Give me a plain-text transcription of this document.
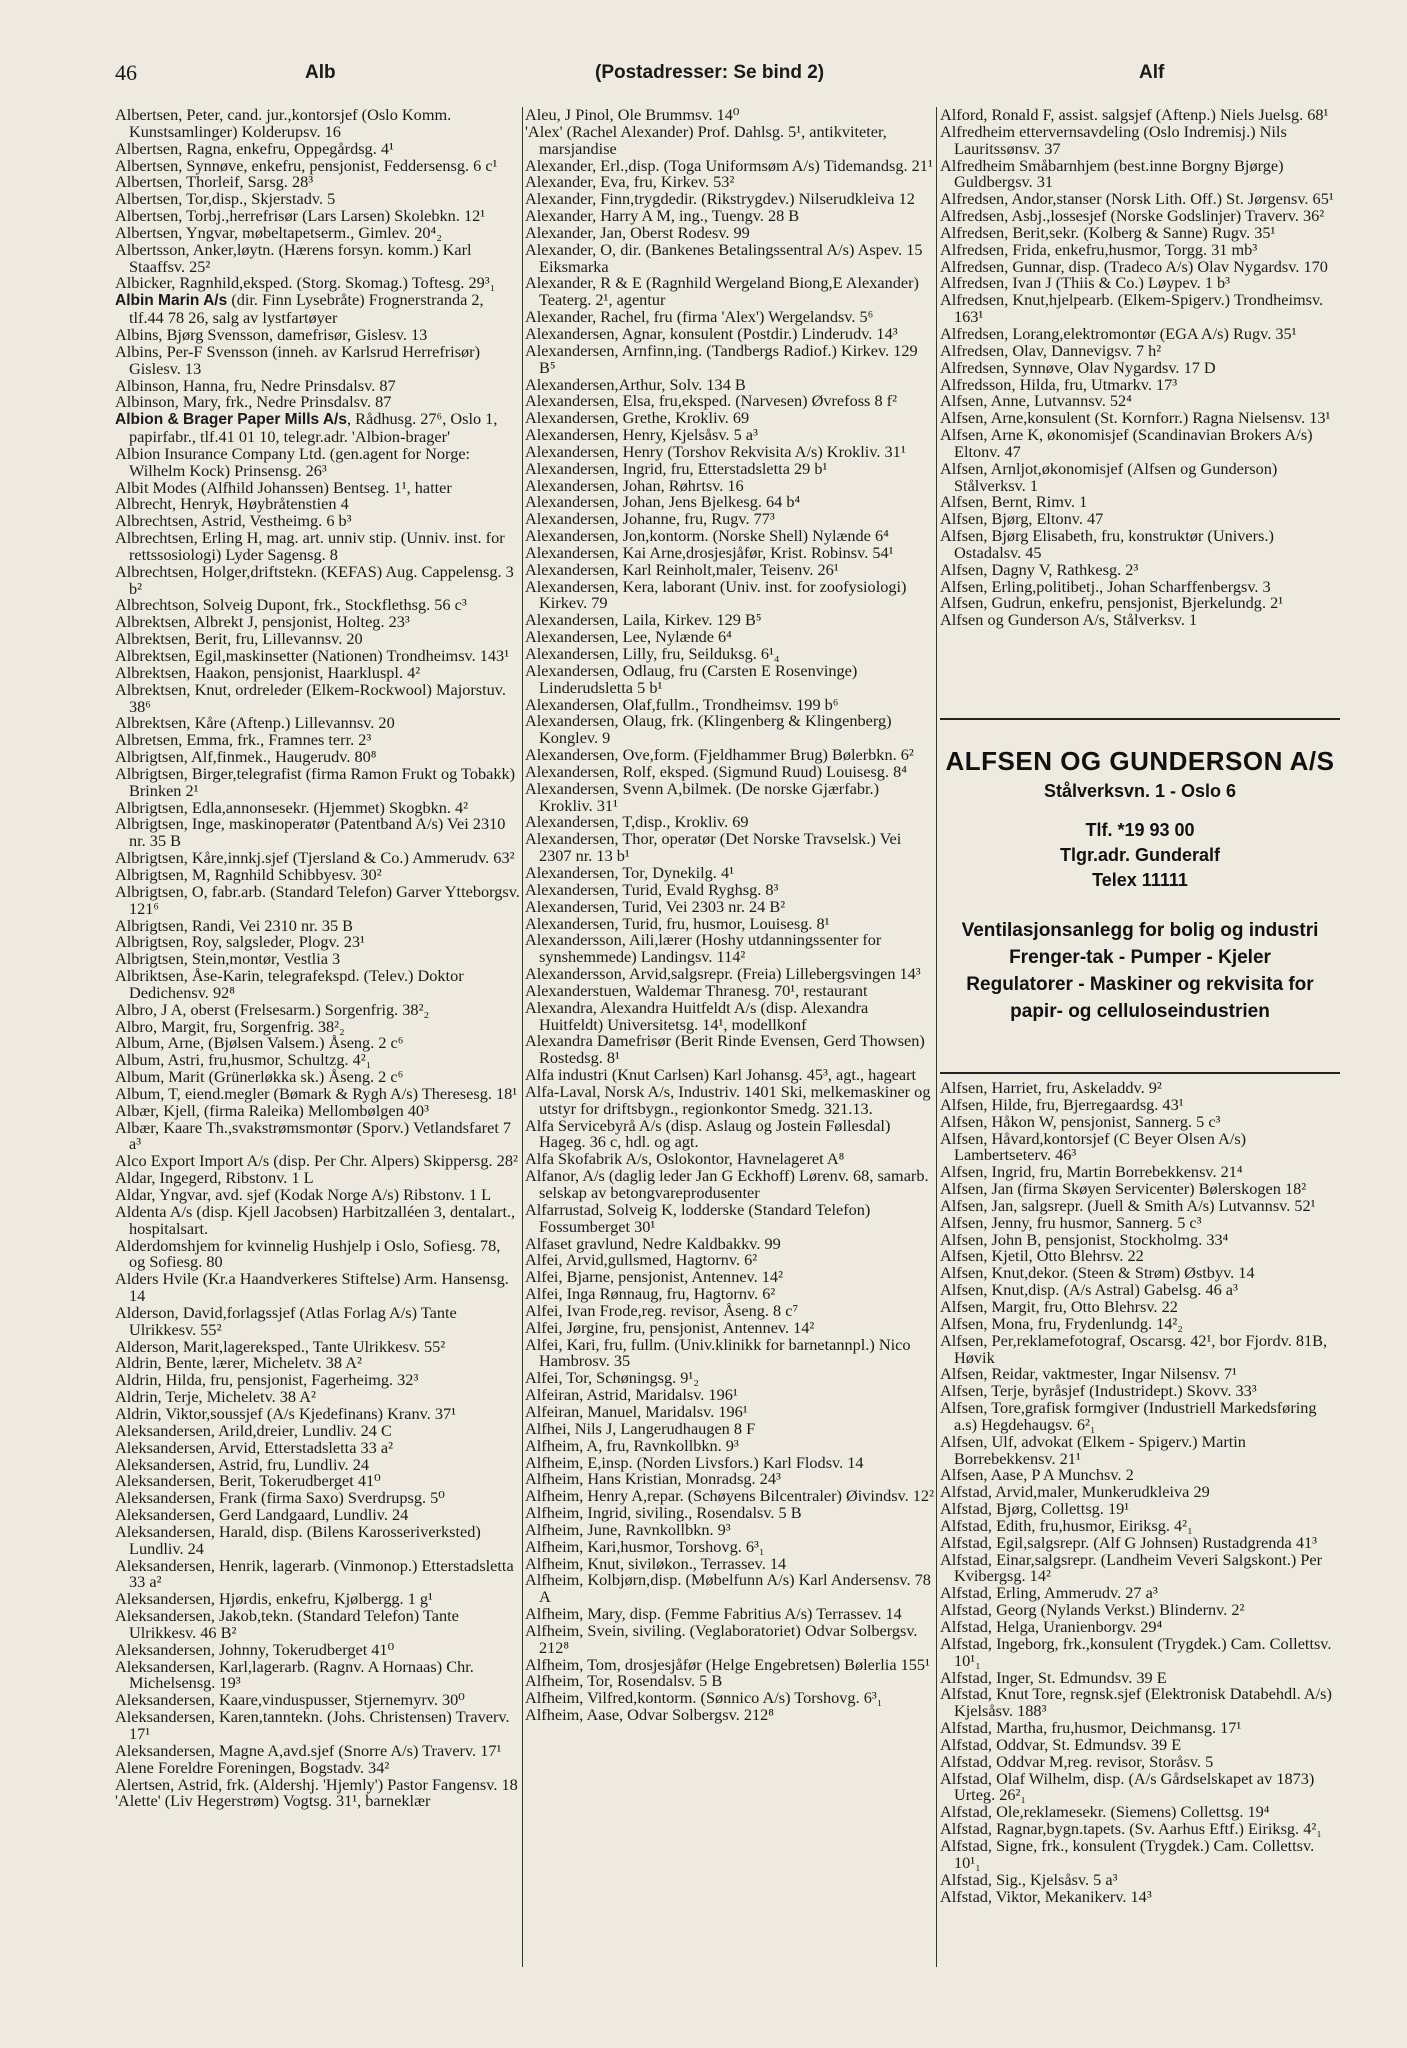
46	Alb	(Postadresser: Se bind 2)	Alf
Albertsen, Peter, cand. jur.,kontorsjef (Oslo Komm. Kunstsamlinger) Kolderupsv. 16
Albertsen, Ragna, enkefru, Oppegårdsg. 4¹
Albertsen, Synnøve, enkefru, pensjonist, Feddersensg. 6 c¹
Albertsen, Thorleif, Sarsg. 28³
Albertsen, Tor,disp., Skjerstadv. 5
Albertsen, Torbj.,herrefrisør (Lars Larsen) Skolebkn. 12¹
Albertsen, Yngvar, møbeltapetserm., Gimlev. 20⁴₂
Albertsson, Anker,løytn. (Hærens forsyn. komm.) Karl Staaffsv. 25²
Albicker, Ragnhild,eksped. (Storg. Skomag.) Toftesg. 29³₁
Albin Marin A/s (dir. Finn Lysebråte) Frognerstranda 2, tlf.44 78 26, salg av lystfartøyer
Albins, Bjørg Svensson, damefrisør, Gislesv. 13
Albins, Per-F Svensson (inneh. av Karlsrud Herrefrisør) Gislesv. 13
Albinson, Hanna, fru, Nedre Prinsdalsv. 87
Albinson, Mary, frk., Nedre Prinsdalsv. 87
Albion & Brager Paper Mills A/s, Rådhusg. 27⁶, Oslo 1, papirfabr., tlf.41 01 10, telegr.adr. 'Albion-brager'
Albion Insurance Company Ltd. (gen.agent for Norge: Wilhelm Kock) Prinsensg. 26³
Albit Modes (Alfhild Johanssen) Bentseg. 1¹, hatter
Albrecht, Henryk, Høybråtenstien 4
Albrechtsen, Astrid, Vestheimg. 6 b³
Albrechtsen, Erling H, mag. art. unniv stip. (Unniv. inst. for rettssosiologi) Lyder Sagensg. 8
Albrechtsen, Holger,driftstekn. (KEFAS) Aug. Cappelensg. 3 b²
Albrechtson, Solveig Dupont, frk., Stockflethsg. 56 c³
Albrektsen, Albrekt J, pensjonist, Holteg. 23³
Albrektsen, Berit, fru, Lillevannsv. 20
Albrektsen, Egil,maskinsetter (Nationen) Trondheimsv. 143¹
Albrektsen, Haakon, pensjonist, Haarkluspl. 4²
Albrektsen, Knut, ordreleder (Elkem-Rockwool) Majorstuv. 38⁶
Albrektsen, Kåre (Aftenp.) Lillevannsv. 20
Albretsen, Emma, frk., Framnes terr. 2³
Albrigtsen, Alf,finmek., Haugerudv. 80⁸
Albrigtsen, Birger,telegrafist (firma Ramon Frukt og Tobakk) Brinken 2¹
Albrigtsen, Edla,annonsesekr. (Hjemmet) Skogbkn. 4²
Albrigtsen, Inge, maskinoperatør (Patentband A/s) Vei 2310 nr. 35 B
Albrigtsen, Kåre,innkj.sjef (Tjersland & Co.) Ammerudv. 63²
Albrigtsen, M, Ragnhild Schibbyesv. 30²
Albrigtsen, O, fabr.arb. (Standard Telefon) Garver Ytteborgsv. 121⁶
Albrigtsen, Randi, Vei 2310 nr. 35 B
Albrigtsen, Roy, salgsleder, Plogv. 23¹
Albrigtsen, Stein,montør, Vestlia 3
Albriktsen, Åse-Karin, telegrafekspd. (Telev.) Doktor Dedichensv. 92⁸
Albro, J A, oberst (Frelsesarm.) Sorgenfrig. 38²₂
Albro, Margit, fru, Sorgenfrig. 38²₂
Album, Arne, (Bjølsen Valsem.) Åseng. 2 c⁶
Album, Astri, fru,husmor, Schultzg. 4²₁
Album, Marit (Grünerløkka sk.) Åseng. 2 c⁶
Album, T, eiend.megler (Bømark & Rygh A/s) Theresesg. 18¹
Albær, Kjell, (firma Raleika) Mellombølgen 40³
Albær, Kaare Th.,svakstrømsmontør (Sporv.) Vetlandsfaret 7 a³
Alco Export Import A/s (disp. Per Chr. Alpers) Skippersg. 28²
Aldar, Ingegerd, Ribstonv. 1 L
Aldar, Yngvar, avd. sjef (Kodak Norge A/s) Ribstonv. 1 L
Aldenta A/s (disp. Kjell Jacobsen) Harbitzalléen 3, dentalart., hospitalsart.
Alderdomshjem for kvinnelig Hushjelp i Oslo, Sofiesg. 78, og Sofiesg. 80
Alders Hvile (Kr.a Haandverkeres Stiftelse) Arm. Hansensg. 14
Alderson, David,forlagssjef (Atlas Forlag A/s) Tante Ulrikkesv. 55²
Alderson, Marit,lagereksped., Tante Ulrikkesv. 55²
Aldrin, Bente, lærer, Micheletv. 38 A²
Aldrin, Hilda, fru, pensjonist, Fagerheimg. 32³
Aldrin, Terje, Micheletv. 38 A²
Aldrin, Viktor,soussjef (A/s Kjedefinans) Kranv. 37¹
Aleksandersen, Arild,dreier, Lundliv. 24 C
Aleksandersen, Arvid, Etterstadsletta 33 a²
Aleksandersen, Astrid, fru, Lundliv. 24
Aleksandersen, Berit, Tokerudberget 41⁰
Aleksandersen, Frank (firma Saxo) Sverdrupsg. 5⁰
Aleksandersen, Gerd Landgaard, Lundliv. 24
Aleksandersen, Harald, disp. (Bilens Karosseriverksted) Lundliv. 24
Aleksandersen, Henrik, lagerarb. (Vinmonop.) Etterstadsletta 33 a²
Aleksandersen, Hjørdis, enkefru, Kjølbergg. 1 g¹
Aleksandersen, Jakob,tekn. (Standard Telefon) Tante Ulrikkesv. 46 B²
Aleksandersen, Johnny, Tokerudberget 41⁰
Aleksandersen, Karl,lagerarb. (Ragnv. A Hornaas) Chr. Michelsensg. 19³
Aleksandersen, Kaare,vinduspusser, Stjernemyrv. 30⁰
Aleksandersen, Karen,tanntekn. (Johs. Christensen) Traverv. 17¹
Aleksandersen, Magne A,avd.sjef (Snorre A/s) Traverv. 17¹
Alene Foreldre Foreningen, Bogstadv. 34²
Alertsen, Astrid, frk. (Aldershj. 'Hjemly') Pastor Fangensv. 18
'Alette' (Liv Hegerstrøm) Vogtsg. 31¹, barneklær
Aleu, J Pinol, Ole Brummsv. 14⁰
'Alex' (Rachel Alexander) Prof. Dahlsg. 5¹, antikviteter, marsjandise
Alexander, Erl.,disp. (Toga Uniformsøm A/s) Tidemandsg. 21¹
Alexander, Eva, fru, Kirkev. 53²
Alexander, Finn,trygdedir. (Rikstrygdev.) Nilserudkleiva 12
Alexander, Harry A M, ing., Tuengv. 28 B
Alexander, Jan, Oberst Rodesv. 99
Alexander, O, dir. (Bankenes Betalingssentral A/s) Aspev. 15 Eiksmarka
Alexander, R & E (Ragnhild Wergeland Biong,E Alexander) Teaterg. 2¹, agentur
Alexander, Rachel, fru (firma 'Alex') Wergelandsv. 5⁶
Alexandersen, Agnar, konsulent (Postdir.) Linderudv. 14³
Alexandersen, Arnfinn,ing. (Tandbergs Radiof.) Kirkev. 129 B⁵
Alexandersen,Arthur, Solv. 134 B
Alexandersen, Elsa, fru,eksped. (Narvesen) Øvrefoss 8 f²
Alexandersen, Grethe, Krokliv. 69
Alexandersen, Henry, Kjelsåsv. 5 a³
Alexandersen, Henry (Torshov Rekvisita A/s) Krokliv. 31¹
Alexandersen, Ingrid, fru, Etterstadsletta 29 b¹
Alexandersen, Johan, Røhrtsv. 16
Alexandersen, Johan, Jens Bjelkesg. 64 b⁴
Alexandersen, Johanne, fru, Rugv. 77³
Alexandersen, Jon,kontorm. (Norske Shell) Nylænde 6⁴
Alexandersen, Kai Arne,drosjesjåfør, Krist. Robinsv. 54¹
Alexandersen, Karl Reinholt,maler, Teisenv. 26¹
Alexandersen, Kera, laborant (Univ. inst. for zoofysiologi) Kirkev. 79
Alexandersen, Laila, Kirkev. 129 B⁵
Alexandersen, Lee, Nylænde 6⁴
Alexandersen, Lilly, fru, Seilduksg. 6¹₄
Alexandersen, Odlaug, fru (Carsten E Rosenvinge) Linderudsletta 5 b¹
Alexandersen, Olaf,fullm., Trondheimsv. 199 b⁶
Alexandersen, Olaug, frk. (Klingenberg & Klingenberg) Konglev. 9
Alexandersen, Ove,form. (Fjeldhammer Brug) Bølerbkn. 6²
Alexandersen, Rolf, eksped. (Sigmund Ruud) Louisesg. 8⁴
Alexandersen, Svenn A,bilmek. (De norske Gjærfabr.) Krokliv. 31¹
Alexandersen, T,disp., Krokliv. 69
Alexandersen, Thor, operatør (Det Norske Travselsk.) Vei 2307 nr. 13 b¹
Alexandersen, Tor, Dynekilg. 4¹
Alexandersen, Turid, Evald Ryghsg. 8³
Alexandersen, Turid, Vei 2303 nr. 24 B²
Alexandersen, Turid, fru, husmor, Louisesg. 8¹
Alexandersson, Aili,lærer (Hoshy utdanningssenter for synshemmede) Landingsv. 114²
Alexandersson, Arvid,salgsrepr. (Freia) Lillebergsvingen 14³
Alexanderstuen, Waldemar Thranesg. 70¹, restaurant
Alexandra, Alexandra Huitfeldt A/s (disp. Alexandra Huitfeldt) Universitetsg. 14¹, modellkonf
Alexandra Damefrisør (Berit Rinde Evensen, Gerd Thowsen) Rostedsg. 8¹
Alfa industri (Knut Carlsen) Karl Johansg. 45³, agt., hageart
Alfa-Laval, Norsk A/s, Industriv. 1401 Ski, melkemaskiner og utstyr for driftsbygn., regionkontor Smedg. 321.13.
Alfa Servicebyrå A/s (disp. Aslaug og Jostein Føllesdal) Hageg. 36 c, hdl. og agt.
Alfa Skofabrik A/s, Oslokontor, Havnelageret A⁸
Alfanor, A/s (daglig leder Jan G Eckhoff) Lørenv. 68, samarb. selskap av betongvareprodusenter
Alfarrustad, Solveig K, lodderske (Standard Telefon) Fossumberget 30¹
Alfaset gravlund, Nedre Kaldbakkv. 99
Alfei, Arvid,gullsmed, Hagtornv. 6²
Alfei, Bjarne, pensjonist, Antennev. 14²
Alfei, Inga Rønnaug, fru, Hagtornv. 6²
Alfei, Ivan Frode,reg. revisor, Åseng. 8 c⁷
Alfei, Jørgine, fru, pensjonist, Antennev. 14²
Alfei, Kari, fru, fullm. (Univ.klinikk for barnetannpl.) Nico Hambrosv. 35
Alfei, Tor, Schøningsg. 9¹₂
Alfeiran, Astrid, Maridalsv. 196¹
Alfeiran, Manuel, Maridalsv. 196¹
Alfhei, Nils J, Langerudhaugen 8 F
Alfheim, A, fru, Ravnkollbkn. 9³
Alfheim, E,insp. (Norden Livsfors.) Karl Flodsv. 14
Alfheim, Hans Kristian, Monradsg. 24³
Alfheim, Henry A,repar. (Schøyens Bilcentraler) Øivindsv. 12²
Alfheim, Ingrid, siviling., Rosendalsv. 5 B
Alfheim, June, Ravnkollbkn. 9³
Alfheim, Kari,husmor, Torshovg. 6³₁
Alfheim, Knut, siviløkon., Terrassev. 14
Alfheim, Kolbjørn,disp. (Møbelfunn A/s) Karl Andersensv. 78 A
Alfheim, Mary, disp. (Femme Fabritius A/s) Terrassev. 14
Alfheim, Svein, siviling. (Veglaboratoriet) Odvar Solbergsv. 212⁸
Alfheim, Tom, drosjesjåfør (Helge Engebretsen) Bølerlia 155¹
Alfheim, Tor, Rosendalsv. 5 B
Alfheim, Vilfred,kontorm. (Sønnico A/s) Torshovg. 6³₁
Alfheim, Aase, Odvar Solbergsv. 212⁸
Alford, Ronald F, assist. salgsjef (Aftenp.) Niels Juelsg. 68¹
Alfredheim ettervernsavdeling (Oslo Indremisj.) Nils Lauritssønsv. 37
Alfredheim Småbarnhjem (best.inne Borgny Bjørge) Guldbergsv. 31
Alfredsen, Andor,stanser (Norsk Lith. Off.) St. Jørgensv. 65¹
Alfredsen, Asbj.,lossesjef (Norske Godslinjer) Traverv. 36²
Alfredsen, Berit,sekr. (Kolberg & Sanne) Rugv. 35¹
Alfredsen, Frida, enkefru,husmor, Torgg. 31 mb³
Alfredsen, Gunnar, disp. (Tradeco A/s) Olav Nygardsv. 170
Alfredsen, Ivan J (Thiis & Co.) Løypev. 1 b³
Alfredsen, Knut,hjelpearb. (Elkem-Spigerv.) Trondheimsv. 163¹
Alfredsen, Lorang,elektromontør (EGA A/s) Rugv. 35¹
Alfredsen, Olav, Dannevigsv. 7 h²
Alfredsen, Synnøve, Olav Nygardsv. 17 D
Alfredsson, Hilda, fru, Utmarkv. 17³
Alfsen, Anne, Lutvannsv. 52⁴
Alfsen, Arne,konsulent (St. Kornforr.) Ragna Nielsensv. 13¹
Alfsen, Arne K, økonomisjef (Scandinavian Brokers A/s) Eltonv. 47
Alfsen, Arnljot,økonomisjef (Alfsen og Gunderson) Stålverksv. 1
Alfsen, Bernt, Rimv. 1
Alfsen, Bjørg, Eltonv. 47
Alfsen, Bjørg Elisabeth, fru, konstruktør (Univers.) Ostadalsv. 45
Alfsen, Dagny V, Rathkesg. 2³
Alfsen, Erling,politibetj., Johan Scharffenbergsv. 3
Alfsen, Gudrun, enkefru, pensjonist, Bjerkelundg. 2¹
Alfsen og Gunderson A/s, Stålverksv. 1
ALFSEN OG GUNDERSON A/S
Stålverksvn. 1 - Oslo 6
Tlf. *19 93 00
Tlgr.adr. Gunderalf
Telex 11111
Ventilasjonsanlegg for bolig og industri Frenger-tak - Pumper - Kjeler Regulatorer - Maskiner og rekvisita for papir- og celluloseindustrien
Alfsen, Harriet, fru, Askeladdv. 9²
Alfsen, Hilde, fru, Bjerregaardsg. 43¹
Alfsen, Håkon W, pensjonist, Sannerg. 5 c³
Alfsen, Håvard,kontorsjef (C Beyer Olsen A/s) Lambertseterv. 46³
Alfsen, Ingrid, fru, Martin Borrebekkensv. 21⁴
Alfsen, Jan (firma Skøyen Servicenter) Bølerskogen 18²
Alfsen, Jan, salgsrepr. (Juell & Smith A/s) Lutvannsv. 52¹
Alfsen, Jenny, fru husmor, Sannerg. 5 c³
Alfsen, John B, pensjonist, Stockholmg. 33⁴
Alfsen, Kjetil, Otto Blehrsv. 22
Alfsen, Knut,dekor. (Steen & Strøm) Østbyv. 14
Alfsen, Knut,disp. (A/s Astral) Gabelsg. 46 a³
Alfsen, Margit, fru, Otto Blehrsv. 22
Alfsen, Mona, fru, Frydenlundg. 14²₂
Alfsen, Per,reklamefotograf, Oscarsg. 42¹, bor Fjordv. 81B, Høvik
Alfsen, Reidar, vaktmester, Ingar Nilsensv. 7¹
Alfsen, Terje, byråsjef (Industridept.) Skovv. 33³
Alfsen, Tore,grafisk formgiver (Industriell Markedsføring a.s) Hegdehaugsv. 6²₁
Alfsen, Ulf, advokat (Elkem - Spigerv.) Martin Borrebekkensv. 21¹
Alfsen, Aase, P A Munchsv. 2
Alfstad, Arvid,maler, Munkerudkleiva 29
Alfstad, Bjørg, Collettsg. 19¹
Alfstad, Edith, fru,husmor, Eiriksg. 4²₁
Alfstad, Egil,salgsrepr. (Alf G Johnsen) Rustadgrenda 41³
Alfstad, Einar,salgsrepr. (Landheim Veveri Salgskont.) Per Kvibergsg. 14²
Alfstad, Erling, Ammerudv. 27 a³
Alfstad, Georg (Nylands Verkst.) Blindernv. 2²
Alfstad, Helga, Uranienborgv. 29⁴
Alfstad, Ingeborg, frk.,konsulent (Trygdek.) Cam. Collettsv. 10¹₁
Alfstad, Inger, St. Edmundsv. 39 E
Alfstad, Knut Tore, regnsk.sjef (Elektronisk Databehdl. A/s) Kjelsåsv. 188³
Alfstad, Martha, fru,husmor, Deichmansg. 17¹
Alfstad, Oddvar, St. Edmundsv. 39 E
Alfstad, Oddvar M,reg. revisor, Storåsv. 5
Alfstad, Olaf Wilhelm, disp. (A/s Gårdselskapet av 1873) Urteg. 26²₁
Alfstad, Ole,reklamesekr. (Siemens) Collettsg. 19⁴
Alfstad, Ragnar,bygn.tapets. (Sv. Aarhus Eftf.) Eiriksg. 4²₁
Alfstad, Signe, frk., konsulent (Trygdek.) Cam. Collettsv. 10¹₁
Alfstad, Sig., Kjelsåsv. 5 a³
Alfstad, Viktor, Mekanikerv. 14³
